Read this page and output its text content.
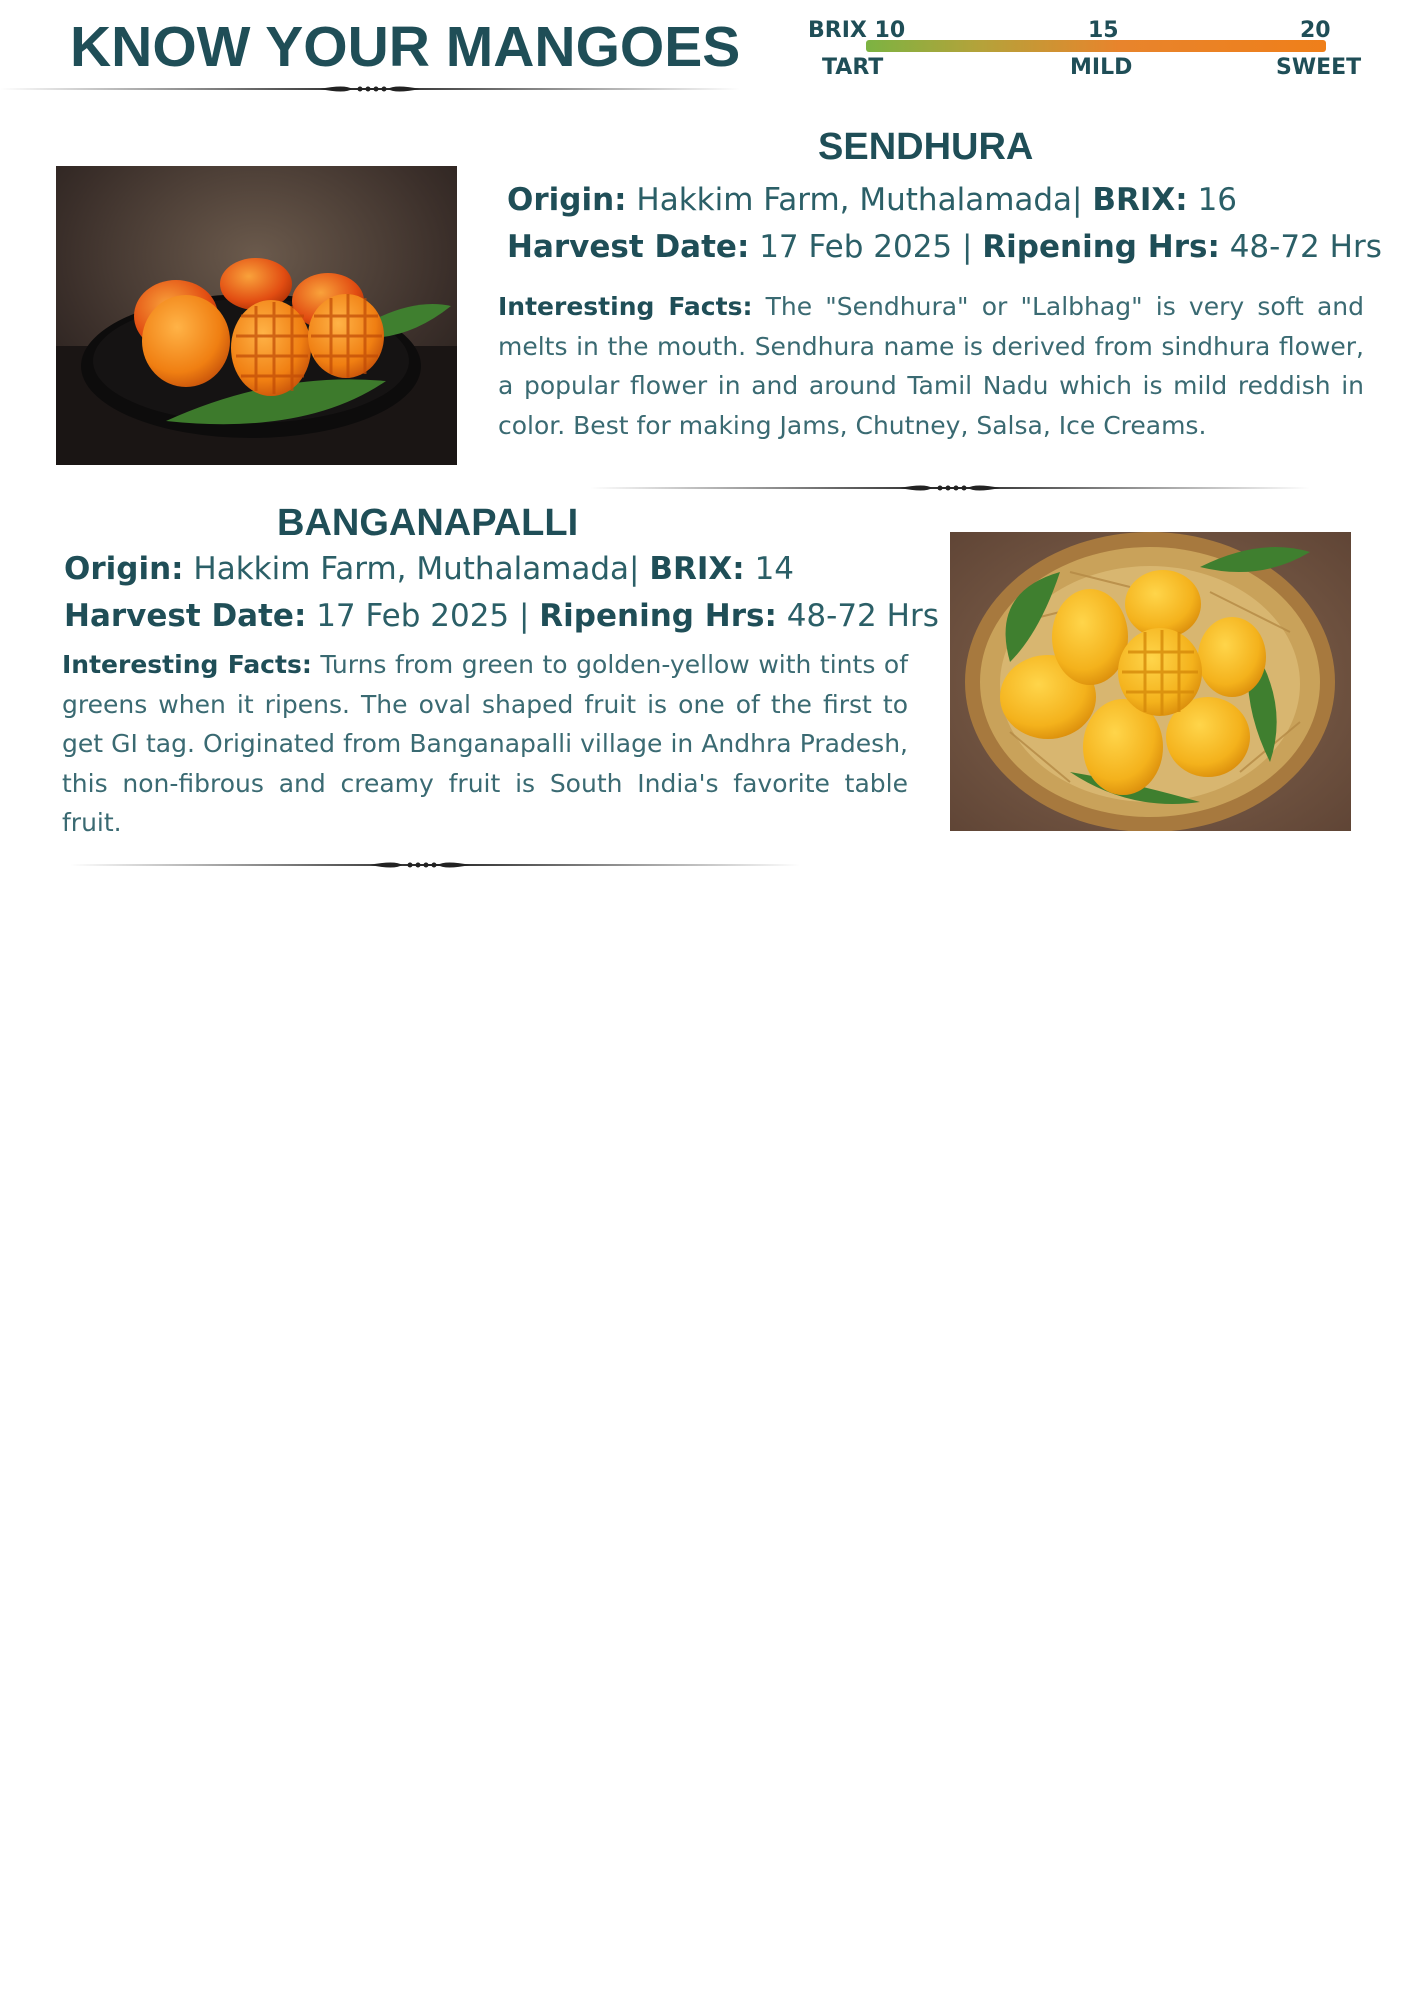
KNOW YOUR MANGOES	BRIX 10	15	20
TART	MILD	SWEET
SENDHURA
Origin: Hakkim Farm, Muthalamada| BRIX: 16
Harvest Date: 17 Feb 2025 | Ripening Hrs: 48-72 Hrs
Interesting Facts: The "Sendhura" or "Lalbhag" is very soft and melts in the mouth. Sendhura name is derived from sindhura flower, a popular flower in and around Tamil Nadu which is mild reddish in color. Best for making Jams, Chutney, Salsa, Ice Creams.
BANGANAPALLI
Origin: Hakkim Farm, Muthalamada| BRIX: 14
Harvest Date: 17 Feb 2025 | Ripening Hrs: 48-72 Hrs
Interesting Facts: Turns from green to golden-yellow with tints of greens when it ripens. The oval shaped fruit is one of the first to get GI tag. Originated from Banganapalli village in Andhra Pradesh, this non-fibrous and creamy fruit is South India's favorite table fruit.
